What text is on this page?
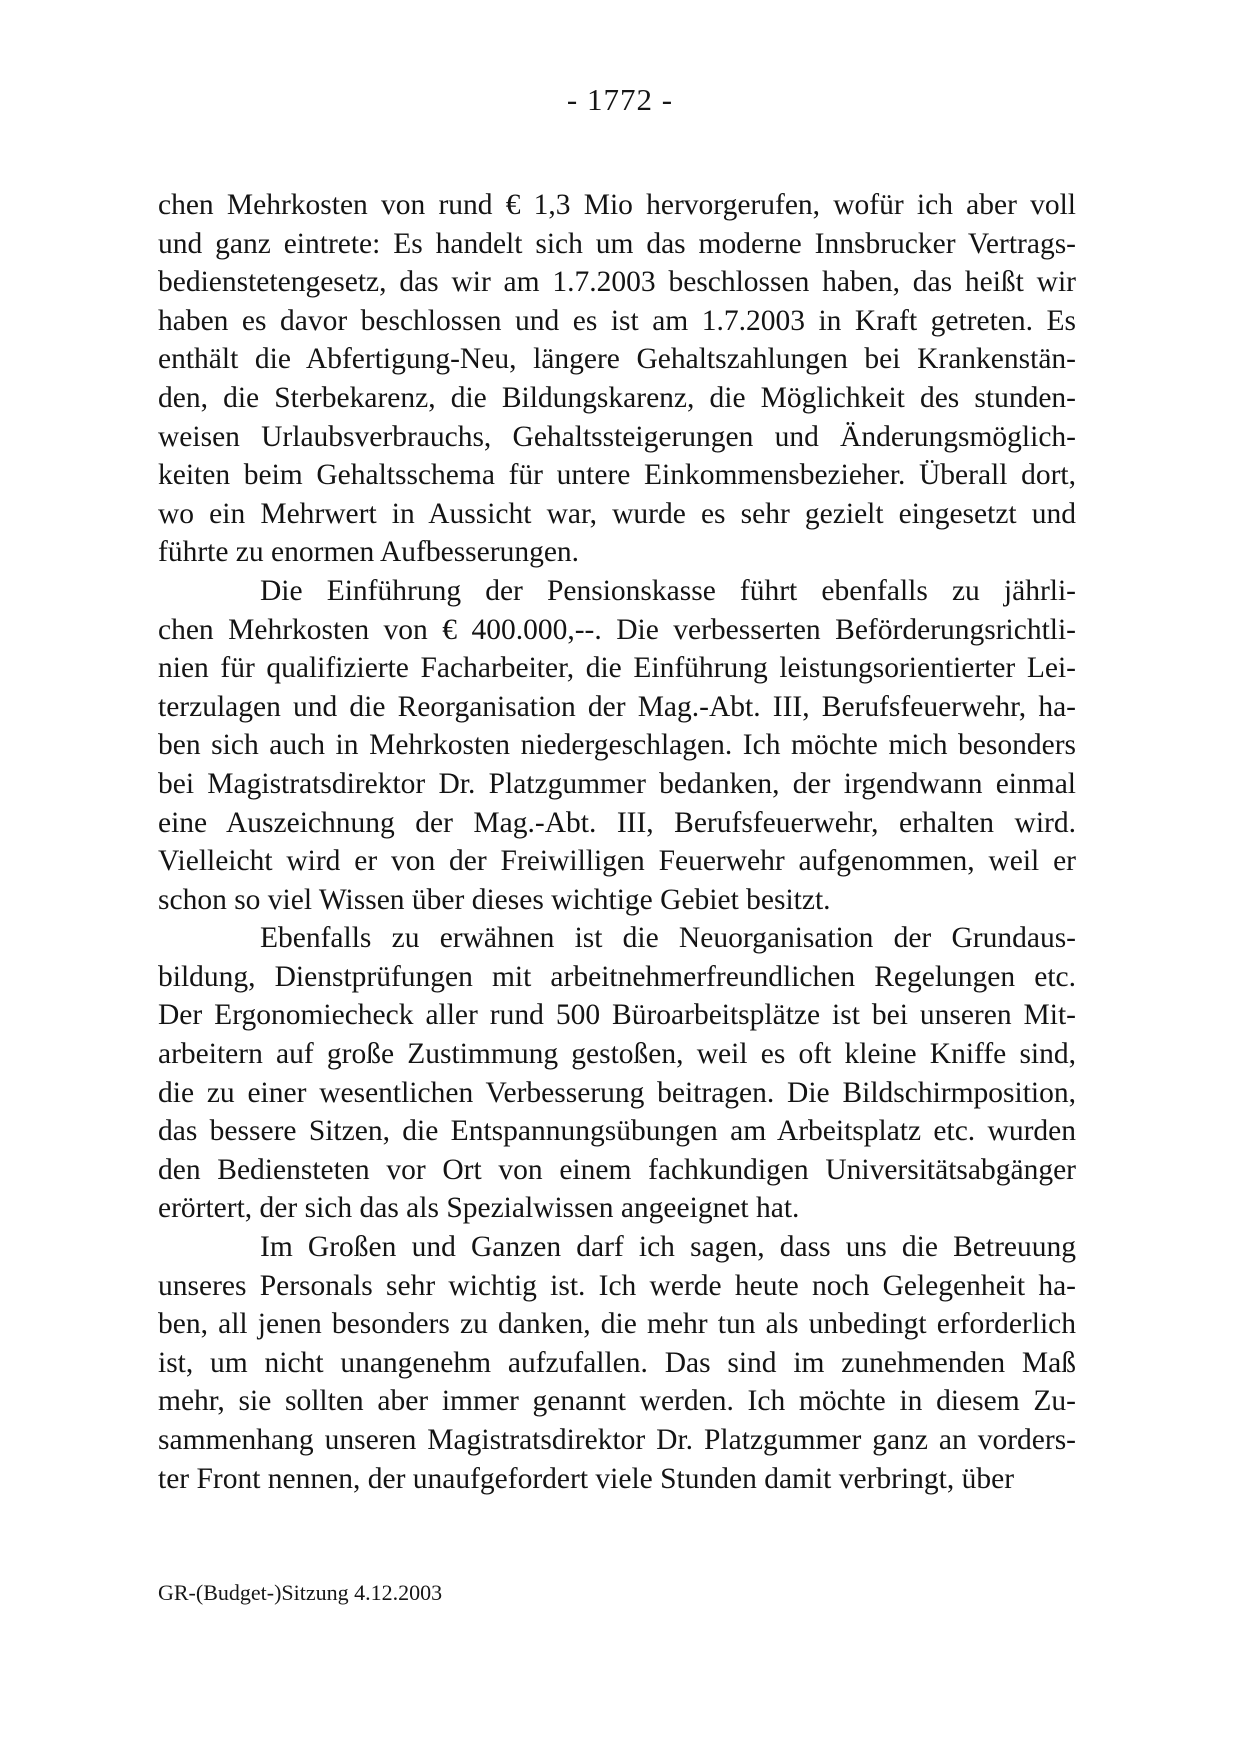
- 1772 -
chen Mehrkosten von rund € 1,3 Mio hervorgerufen, wofür ich aber voll
und ganz eintrete: Es handelt sich um das moderne Innsbrucker Vertrags-
bedienstetengesetz, das wir am 1.7.2003 beschlossen haben, das heißt wir
haben es davor beschlossen und es ist am 1.7.2003 in Kraft getreten. Es
enthält die Abfertigung-Neu, längere Gehaltszahlungen bei Krankenstän-
den, die Sterbekarenz, die Bildungskarenz, die Möglichkeit des stunden-
weisen Urlaubsverbrauchs, Gehaltssteigerungen und Änderungsmöglich-
keiten beim Gehaltsschema für untere Einkommensbezieher. Überall dort,
wo ein Mehrwert in Aussicht war, wurde es sehr gezielt eingesetzt und
führte zu enormen Aufbesserungen.
Die Einführung der Pensionskasse führt ebenfalls zu jährli-
chen Mehrkosten von € 400.000,--. Die verbesserten Beförderungsrichtli-
nien für qualifizierte Facharbeiter, die Einführung leistungsorientierter Lei-
terzulagen und die Reorganisation der Mag.-Abt. III, Berufsfeuerwehr, ha-
ben sich auch in Mehrkosten niedergeschlagen. Ich möchte mich besonders
bei Magistratsdirektor Dr. Platzgummer bedanken, der irgendwann einmal
eine Auszeichnung der Mag.-Abt. III, Berufsfeuerwehr, erhalten wird.
Vielleicht wird er von der Freiwilligen Feuerwehr aufgenommen, weil er
schon so viel Wissen über dieses wichtige Gebiet besitzt.
Ebenfalls zu erwähnen ist die Neuorganisation der Grundaus-
bildung, Dienstprüfungen mit arbeitnehmerfreundlichen Regelungen etc.
Der Ergonomiecheck aller rund 500 Büroarbeitsplätze ist bei unseren Mit-
arbeitern auf große Zustimmung gestoßen, weil es oft kleine Kniffe sind,
die zu einer wesentlichen Verbesserung beitragen. Die Bildschirmposition,
das bessere Sitzen, die Entspannungsübungen am Arbeitsplatz etc. wurden
den Bediensteten vor Ort von einem fachkundigen Universitätsabgänger
erörtert, der sich das als Spezialwissen angeeignet hat.
Im Großen und Ganzen darf ich sagen, dass uns die Betreuung
unseres Personals sehr wichtig ist. Ich werde heute noch Gelegenheit ha-
ben, all jenen besonders zu danken, die mehr tun als unbedingt erforderlich
ist, um nicht unangenehm aufzufallen. Das sind im zunehmenden Maß
mehr, sie sollten aber immer genannt werden. Ich möchte in diesem Zu-
sammenhang unseren Magistratsdirektor Dr. Platzgummer ganz an vorders-
ter Front nennen, der unaufgefordert viele Stunden damit verbringt, über
GR-(Budget-)Sitzung 4.12.2003
